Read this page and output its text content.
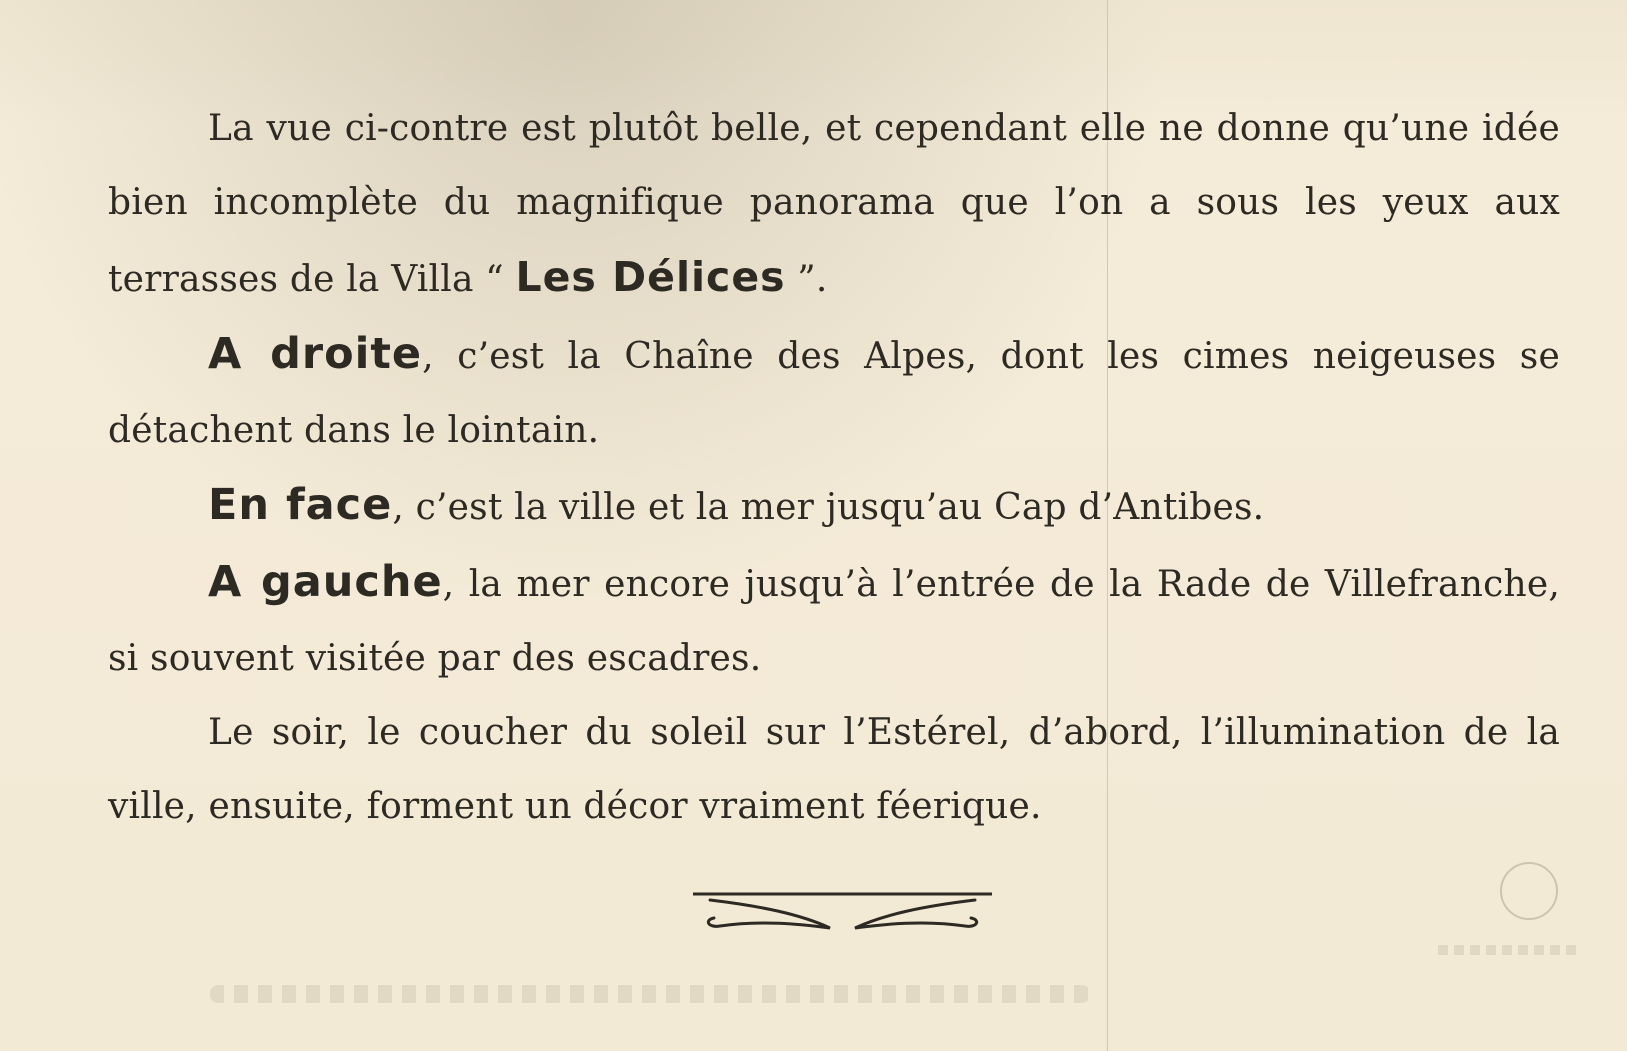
La vue ci-contre est plutôt belle, et cependant elle ne donne qu’une idée bien incomplète du magnifique panorama que l’on a sous les yeux aux terrasses de la Villa “ Les Délices ”.

A droite, c’est la Chaîne des Alpes, dont les cimes neigeuses se détachent dans le lointain.

En face, c’est la ville et la mer jusqu’au Cap d’Antibes.

A gauche, la mer encore jusqu’à l’entrée de la Rade de Villefranche, si souvent visitée par des escadres.

Le soir, le coucher du soleil sur l’Estérel, d’abord, l’illumination de la ville, ensuite, forment un décor vraiment féerique.
